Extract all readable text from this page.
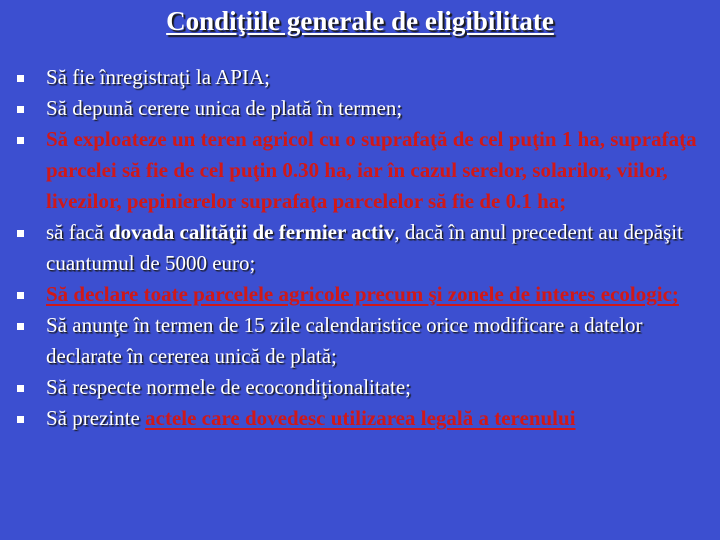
Condiţiile generale de eligibilitate
Să fie înregistraţi la APIA;
Să depună cerere unica de plată în termen;
Să exploateze un teren agricol cu o suprafaţă de cel puţin 1 ha, suprafaţa parcelei să fie de cel puţin 0.30 ha, iar în cazul serelor, solarilor, viilor, livezilor, pepinierelor suprafaţa parcelelor să fie de 0.1 ha;
să facă dovada calităţii de fermier activ, dacă în anul precedent au depăşit cuantumul de 5000 euro;
Să declare toate parcelele agricole precum şi zonele de interes ecologic;
Să anunţe în termen de 15 zile calendaristice orice modificare a datelor declarate în cererea unică de plată;
Să respecte normele de ecocondiţionalitate;
Să prezinte actele care dovedesc utilizarea legală a terenului
